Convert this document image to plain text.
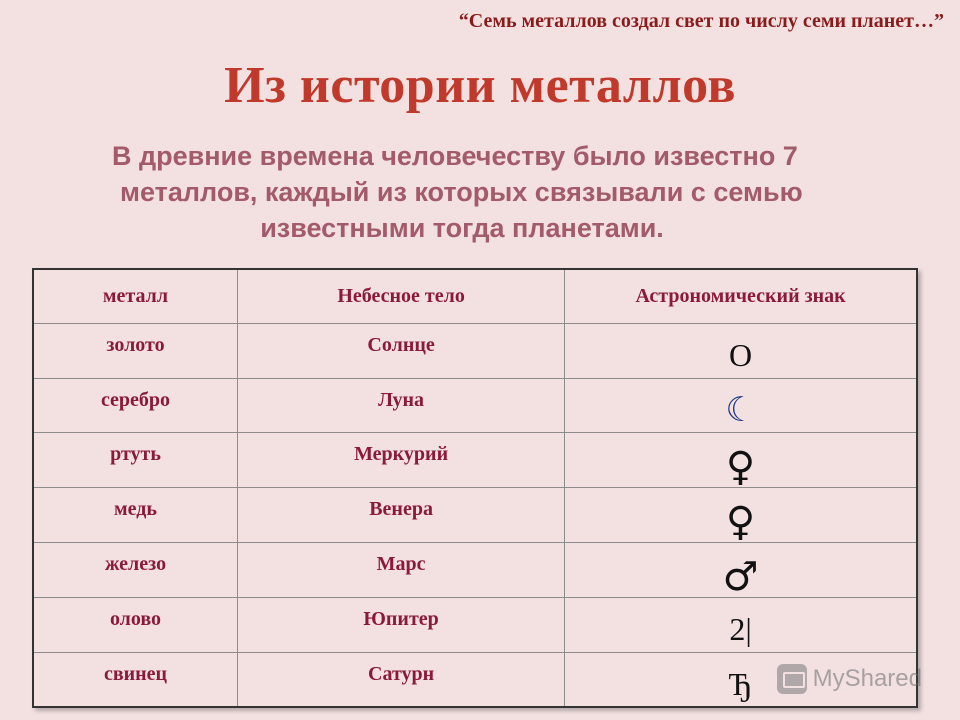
“Семь металлов создал свет по числу семи планет…”
Из истории металлов
В древние времена человечеству было известно 7
металлов, каждый из которых связывали с семью
известными тогда планетами.
металл	Небесное тело	Астрономический знак
золото	Солнце	O
серебро	Луна	☾
ртуть	Меркурий	♀
медь	Венера	♀
железо	Марс	♂
олово	Юпитер	2|
свинец	Сатурн	Ђ	MyShared
